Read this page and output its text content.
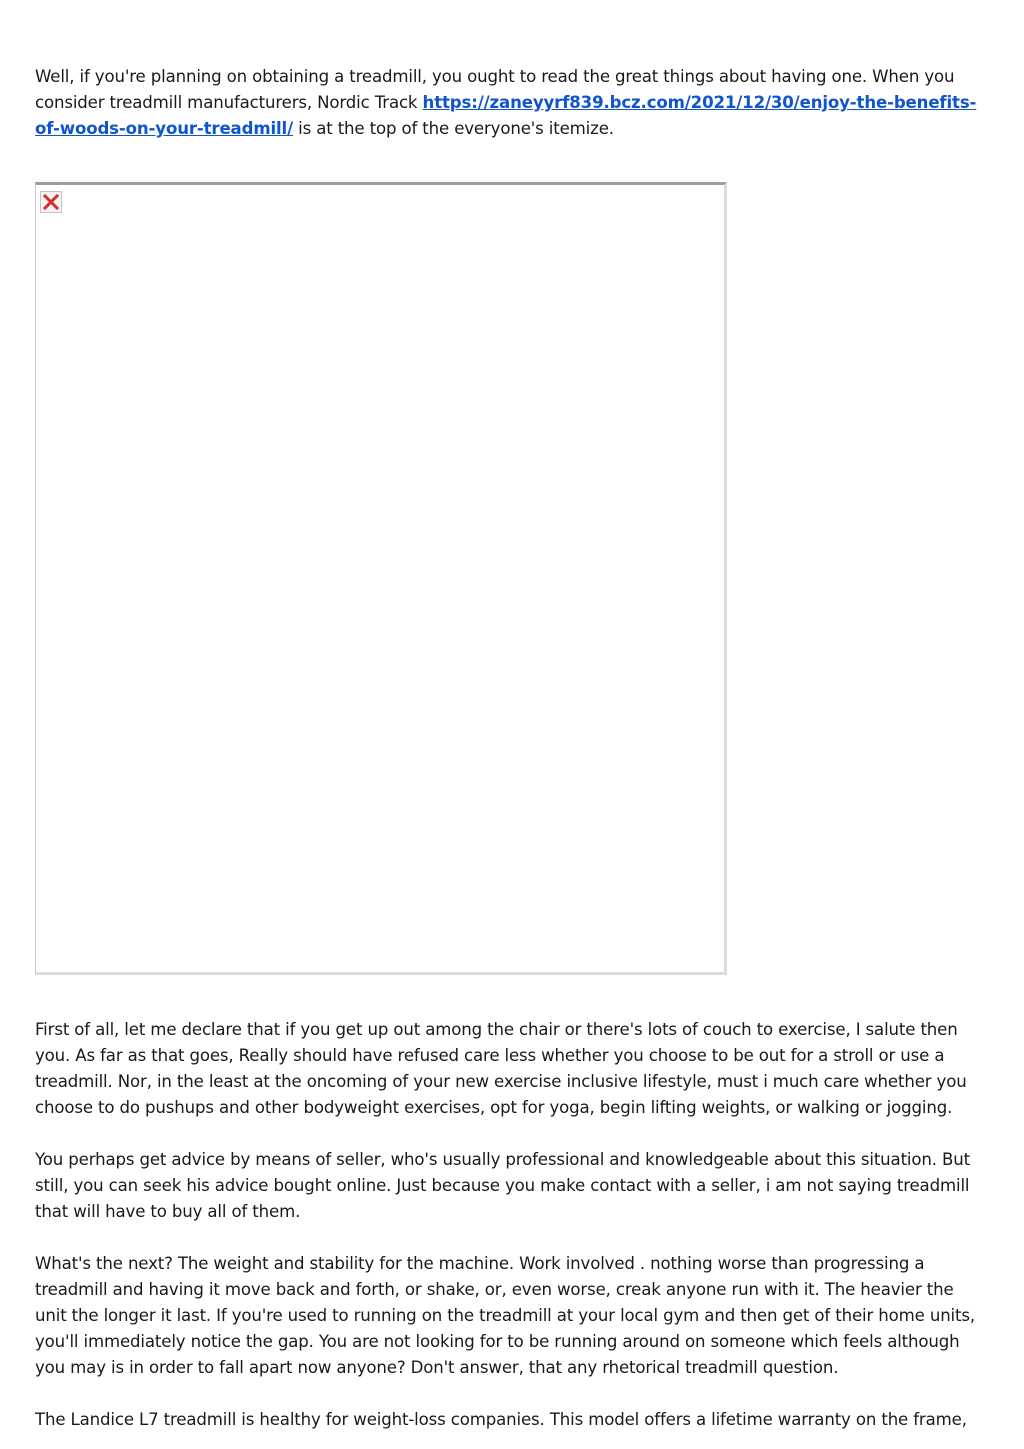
Well, if you're planning on obtaining a treadmill, you ought to read the great things about having one. When you consider treadmill manufacturers, Nordic Track https://zaneyyrf839.bcz.com/2021/12/30/enjoy-the-benefits-of-woods-on-your-treadmill/ is at the top of the everyone's itemize.

First of all, let me declare that if you get up out among the chair or there's lots of couch to exercise, I salute then you. As far as that goes, Really should have refused care less whether you choose to be out for a stroll or use a treadmill. Nor, in the least at the oncoming of your new exercise inclusive lifestyle, must i much care whether you choose to do pushups and other bodyweight exercises, opt for yoga, begin lifting weights, or walking or jogging.

You perhaps get advice by means of seller, who's usually professional and knowledgeable about this situation. But still, you can seek his advice bought online. Just because you make contact with a seller, i am not saying treadmill that will have to buy all of them.

What's the next? The weight and stability for the machine. Work involved . nothing worse than progressing a treadmill and having it move back and forth, or shake, or, even worse, creak anyone run with it. The heavier the unit the longer it last. If you're used to running on the treadmill at your local gym and then get of their home units, you'll immediately notice the gap. You are not looking for to be running around on someone which feels although you may is in order to fall apart now anyone? Don't answer, that any rhetorical treadmill question.

The Landice L7 treadmill is healthy for weight-loss companies. This model offers a lifetime warranty on the frame,
